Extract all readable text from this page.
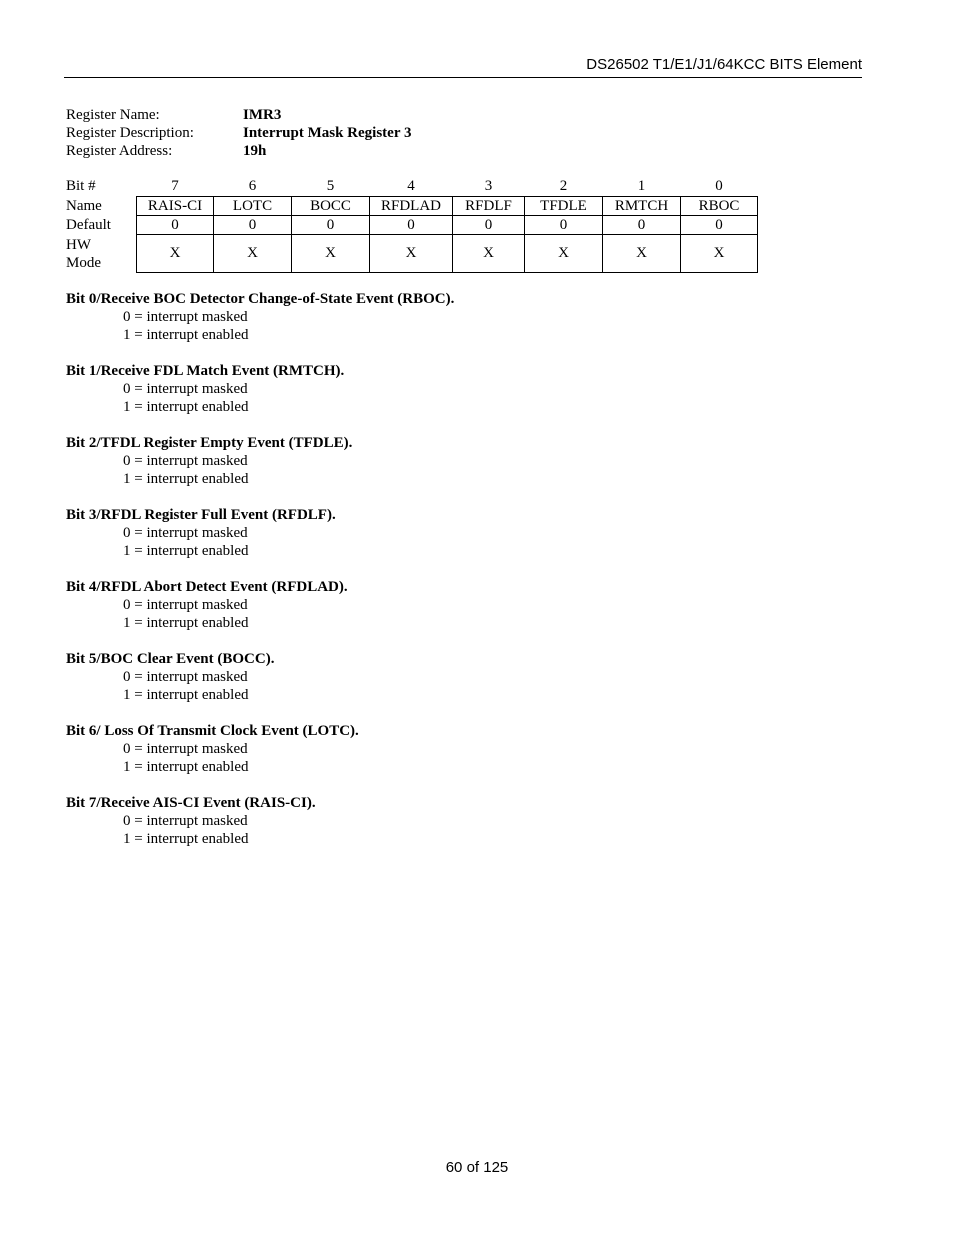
DS26502 T1/E1/J1/64KCC BITS Element
Register Name:	IMR3
Register Description:	Interrupt Mask Register 3
Register Address:	19h
Bit #	7	6	5	4	3	2	1	0
Name	RAIS-CI	LOTC	BOCC	RFDLAD	RFDLF	TFDLE	RMTCH	RBOC
Default	0	0	0	0	0	0	0	0

HW
Mode	X	X	X	X	X	X	X	X
Bit 0/Receive BOC Detector Change-of-State Event (RBOC).
0 = interrupt masked
1 = interrupt enabled
Bit 1/Receive FDL Match Event (RMTCH).
0 = interrupt masked
1 = interrupt enabled
Bit 2/TFDL Register Empty Event (TFDLE).
0 = interrupt masked
1 = interrupt enabled
Bit 3/RFDL Register Full Event (RFDLF).
0 = interrupt masked
1 = interrupt enabled
Bit 4/RFDL Abort Detect Event (RFDLAD).
0 = interrupt masked
1 = interrupt enabled
Bit 5/BOC Clear Event (BOCC).
0 = interrupt masked
1 = interrupt enabled
Bit 6/ Loss Of Transmit Clock Event (LOTC).
0 = interrupt masked
1 = interrupt enabled
Bit 7/Receive AIS-CI Event (RAIS-CI).
0 = interrupt masked
1 = interrupt enabled
60 of 125
